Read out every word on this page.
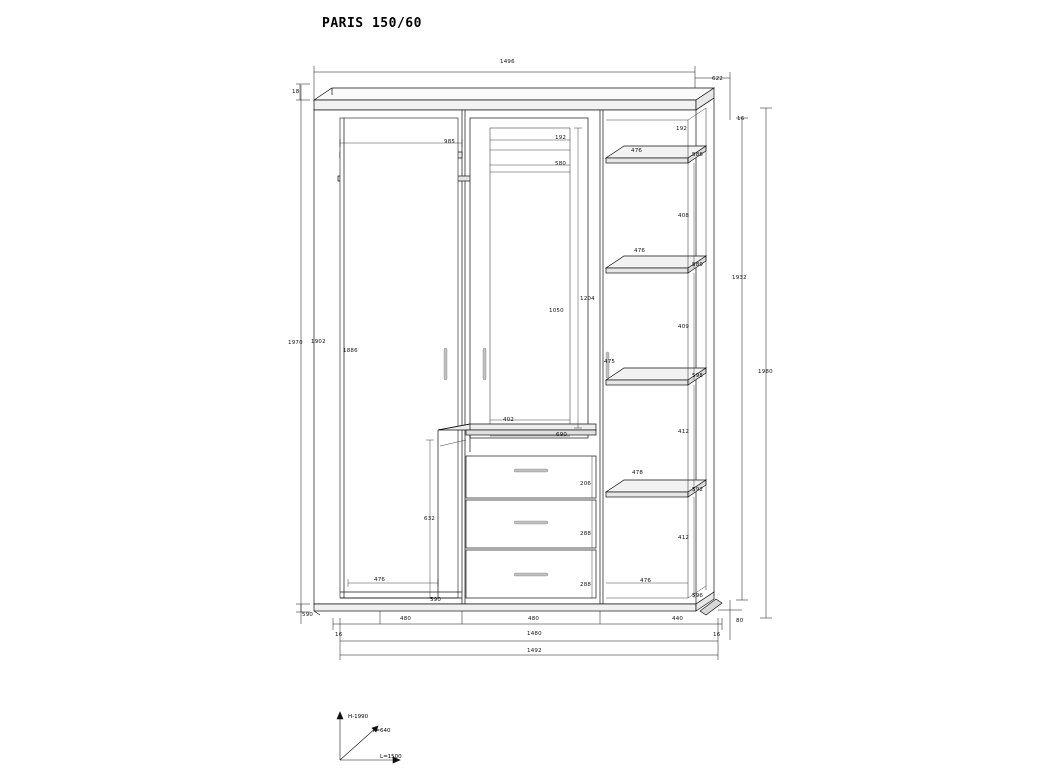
PARIS 150/60
1496
622
18
16
985
192
580
192
476
588
408
476
589
1932
409
475
598
1980
1204
1050
1970 1902
1886
402
690	412
478
592
206
632
288
412
288
476
596
476
590
590
480	480	440	80
16	1480	16
1492
H-1990
T=640
L=1500
